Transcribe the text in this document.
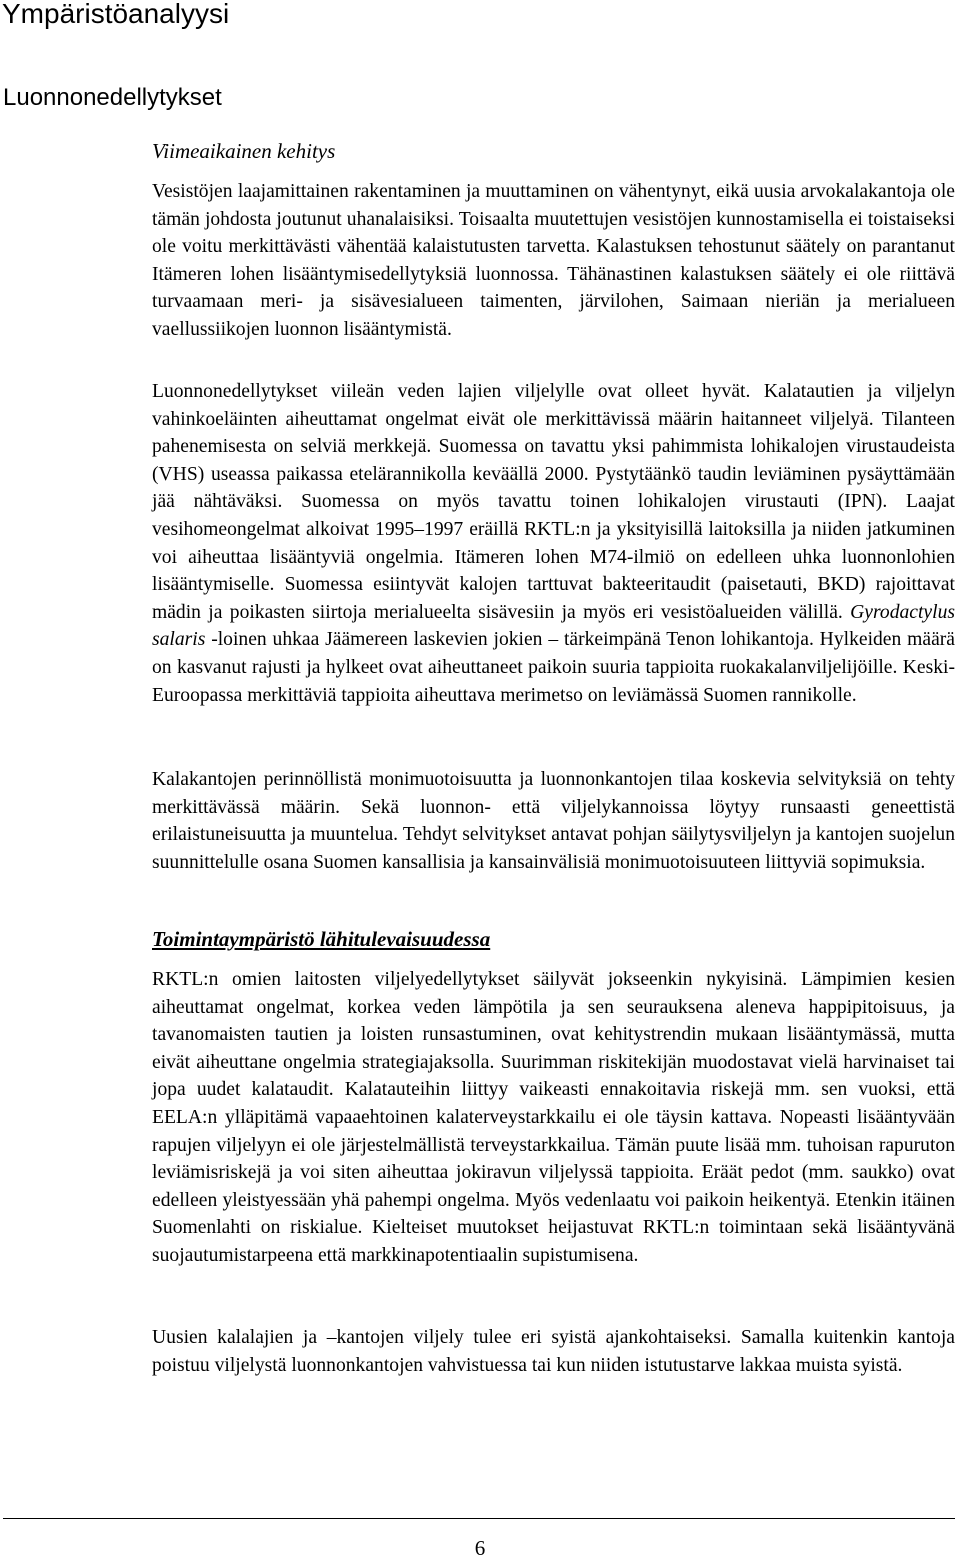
Ympäristöanalyysi
Luonnonedellytykset
Viimeaikainen kehitys

Vesistöjen laajamittainen rakentaminen ja muuttaminen on vähentynyt, eikä uusia arvokalakantoja ole tämän johdosta joutunut uhanalaisiksi. Toisaalta muutettujen vesistöjen kunnostamisella ei toistaiseksi ole voitu merkittävästi vähentää kalaistutusten tarvetta. Kalastuksen tehostunut säätely on parantanut Itämeren lohen lisääntymisedellytyksiä luonnossa. Tähänastinen kalastuksen säätely ei ole riittävä turvaamaan meri- ja sisävesialueen taimenten, järvilohen, Saimaan nieriän ja merialueen vaellussiikojen luonnon lisääntymistä.

Luonnonedellytykset viileän veden lajien viljelylle ovat olleet hyvät. Kalatautien ja viljelyn vahinkoeläinten aiheuttamat ongelmat eivät ole merkittävissä määrin haitanneet viljelyä. Tilanteen pahenemisesta on selviä merkkejä. Suomessa on tavattu yksi pahimmista lohikalojen virustaudeista (VHS) useassa paikassa etelärannikolla keväällä 2000. Pystytäänkö taudin leviäminen pysäyttämään jää nähtäväksi. Suomessa on myös tavattu toinen lohikalojen virustauti (IPN). Laajat vesihomeongelmat alkoivat 1995–1997 eräillä RKTL:n ja yksityisillä laitoksilla ja niiden jatkuminen voi aiheuttaa lisääntyviä ongelmia. Itämeren lohen M74-ilmiö on edelleen uhka luonnonlohien lisääntymiselle. Suomessa esiintyvät kalojen tarttuvat bakteeritaudit (paisetauti, BKD) rajoittavat mädin ja poikasten siirtoja merialueelta sisävesiin ja myös eri vesistöalueiden välillä. Gyrodactylus salaris -loinen uhkaa Jäämereen laskevien jokien – tärkeimpänä Tenon lohikantoja. Hylkeiden määrä on kasvanut rajusti ja hylkeet ovat aiheuttaneet paikoin suuria tappioita ruokakalanviljelijöille. Keski-Euroopassa merkittäviä tappioita aiheuttava merimetso on leviämässä Suomen rannikolle.

Kalakantojen perinnöllistä monimuotoisuutta ja luonnonkantojen tilaa koskevia selvityksiä on tehty merkittävässä määrin. Sekä luonnon- että viljelykannoissa löytyy runsaasti geneettistä erilaistuneisuutta ja muuntelua. Tehdyt selvitykset antavat pohjan säilytysviljelyn ja kantojen suojelun suunnittelulle osana Suomen kansallisia ja kansainvälisiä monimuotoisuuteen liittyviä sopimuksia.

Toimintaympäristö lähitulevaisuudessa

RKTL:n omien laitosten viljelyedellytykset säilyvät jokseenkin nykyisinä. Lämpimien kesien aiheuttamat ongelmat, korkea veden lämpötila ja sen seurauksena aleneva happipitoisuus, ja tavanomaisten tautien ja loisten runsastuminen, ovat kehitystrendin mukaan lisääntymässä, mutta eivät aiheuttane ongelmia strategiajaksolla. Suurimman riskitekijän muodostavat vielä harvinaiset tai jopa uudet kalataudit. Kalatauteihin liittyy vaikeasti ennakoitavia riskejä mm. sen vuoksi, että EELA:n ylläpitämä vapaaehtoinen kalaterveystarkkailu ei ole täysin kattava. Nopeasti lisääntyvään rapujen viljelyyn ei ole järjestelmällistä terveystarkkailua. Tämän puute lisää mm. tuhoisan rapuruton leviämisriskejä ja voi siten aiheuttaa jokiravun viljelyssä tappioita. Eräät pedot (mm. saukko) ovat edelleen yleistyessään yhä pahempi ongelma. Myös vedenlaatu voi paikoin heikentyä. Etenkin itäinen Suomenlahti on riskialue. Kielteiset muutokset heijastuvat RKTL:n toimintaan sekä lisääntyvänä suojautumistarpeena että markkinapotentiaalin supistumisena.

Uusien kalalajien ja –kantojen viljely tulee eri syistä ajankohtaiseksi. Samalla kuitenkin kantoja poistuu viljelystä luonnonkantojen vahvistuessa tai kun niiden istutustarve lakkaa muista syistä.

6
